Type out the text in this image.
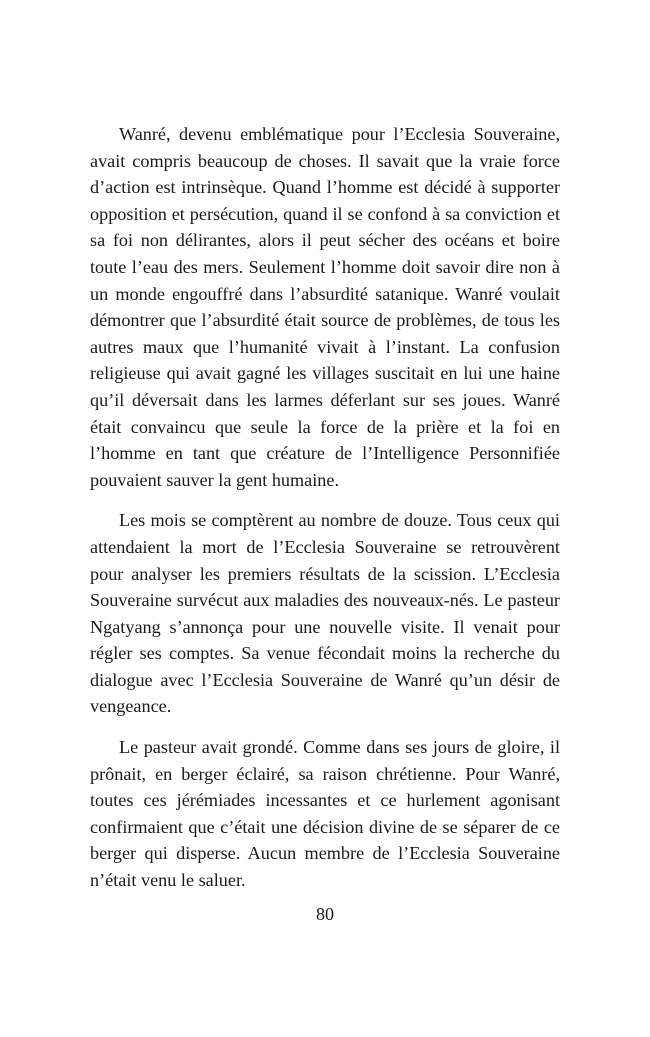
Wanré, devenu emblématique pour l’Ecclesia Souveraine, avait compris beaucoup de choses. Il savait que la vraie force d’action est intrinsèque. Quand l’homme est décidé à supporter opposition et persécution, quand il se confond à sa conviction et sa foi non délirantes, alors il peut sécher des océans et boire toute l’eau des mers. Seulement l’homme doit savoir dire non à un monde engouffré dans l’absurdité satanique. Wanré voulait démontrer que l’absurdité était source de problèmes, de tous les autres maux que l’humanité vivait à l’instant. La confusion religieuse qui avait gagné les villages suscitait en lui une haine qu’il déversait dans les larmes déferlant sur ses joues. Wanré était convaincu que seule la force de la prière et la foi en l’homme en tant que créature de l’Intelligence Personnifiée pouvaient sauver la gent humaine.

Les mois se comptèrent au nombre de douze. Tous ceux qui attendaient la mort de l’Ecclesia Souveraine se retrouvèrent pour analyser les premiers résultats de la scission. L’Ecclesia Souveraine survécut aux maladies des nouveaux-nés. Le pasteur Ngatyang s’annonça pour une nouvelle visite. Il venait pour régler ses comptes. Sa venue fécondait moins la recherche du dialogue avec l’Ecclesia Souveraine de Wanré qu’un désir de vengeance.

Le pasteur avait grondé. Comme dans ses jours de gloire, il prônait, en berger éclairé, sa raison chrétienne. Pour Wanré, toutes ces jérémiades incessantes et ce hurlement agonisant confirmaient que c’était une décision divine de se séparer de ce berger qui disperse. Aucun membre de l’Ecclesia Souveraine n’était venu le saluer.

80
